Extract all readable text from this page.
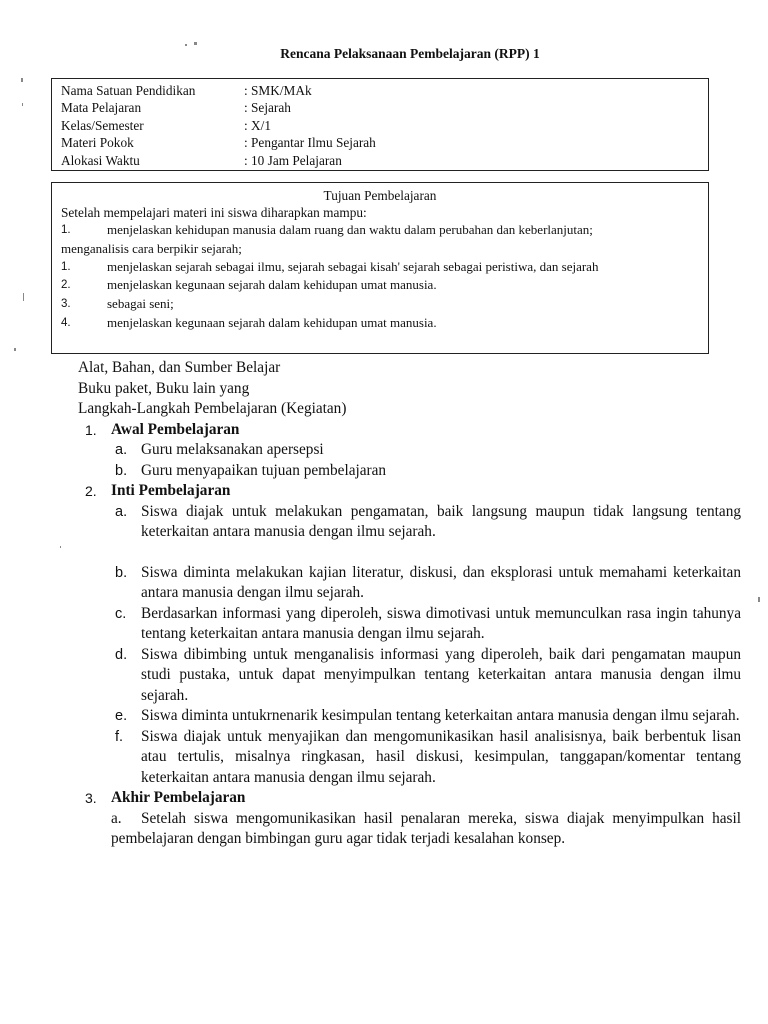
Rencana Pelaksanaan Pembelajaran (RPP) 1
Nama Satuan Pendidikan	: SMK/MAk
Mata Pelajaran	: Sejarah
Kelas/Semester	: X/1
Materi Pokok	: Pengantar Ilmu Sejarah
Alokasi Waktu	: 10 Jam Pelajaran
Tujuan Pembelajaran
Setelah mempelajari materi ini siswa diharapkan mampu:
1.	menjelaskan kehidupan manusia dalam ruang dan waktu dalam perubahan dan keberlanjutan;
menganalisis cara berpikir sejarah;
1.	menjelaskan sejarah sebagai ilmu, sejarah sebagai kisah' sejarah sebagai peristiwa, dan sejarah
2.	menjelaskan kegunaan sejarah dalam kehidupan umat manusia.
3.	sebagai seni;
4.	menjelaskan kegunaan sejarah dalam kehidupan umat manusia.
Alat, Bahan, dan Sumber Belajar
Buku paket, Buku lain yang
Langkah-Langkah Pembelajaran (Kegiatan)
1. Awal Pembelajaran
a. Guru melaksanakan apersepsi
b. Guru menyapaikan tujuan pembelajaran
2. Inti Pembelajaran
a. Siswa diajak untuk melakukan pengamatan, baik langsung maupun tidak langsung tentang keterkaitan antara manusia dengan ilmu sejarah.
b. Siswa diminta melakukan kajian literatur, diskusi, dan eksplorasi untuk memahami keterkaitan antara manusia dengan ilmu sejarah.
c. Berdasarkan informasi yang diperoleh, siswa dimotivasi untuk memunculkan rasa ingin tahunya tentang keterkaitan antara manusia dengan ilmu sejarah.
d. Siswa dibimbing untuk menganalisis informasi yang diperoleh, baik dari pengamatan maupun studi pustaka, untuk dapat menyimpulkan tentang keterkaitan antara manusia dengan ilmu sejarah.
e. Siswa diminta untukrnenarik kesimpulan tentang keterkaitan antara manusia dengan ilmu sejarah.
f.	Siswa diajak untuk menyajikan dan mengomunikasikan hasil analisisnya, baik berbentuk lisan atau tertulis, misalnya ringkasan, hasil diskusi, kesimpulan, tanggapan/komentar tentang keterkaitan antara manusia dengan ilmu sejarah.
3. Akhir Pembelajaran
a. Setelah siswa mengomunikasikan hasil penalaran mereka, siswa diajak menyimpulkan hasil pembelajaran dengan bimbingan guru agar tidak terjadi kesalahan konsep.
